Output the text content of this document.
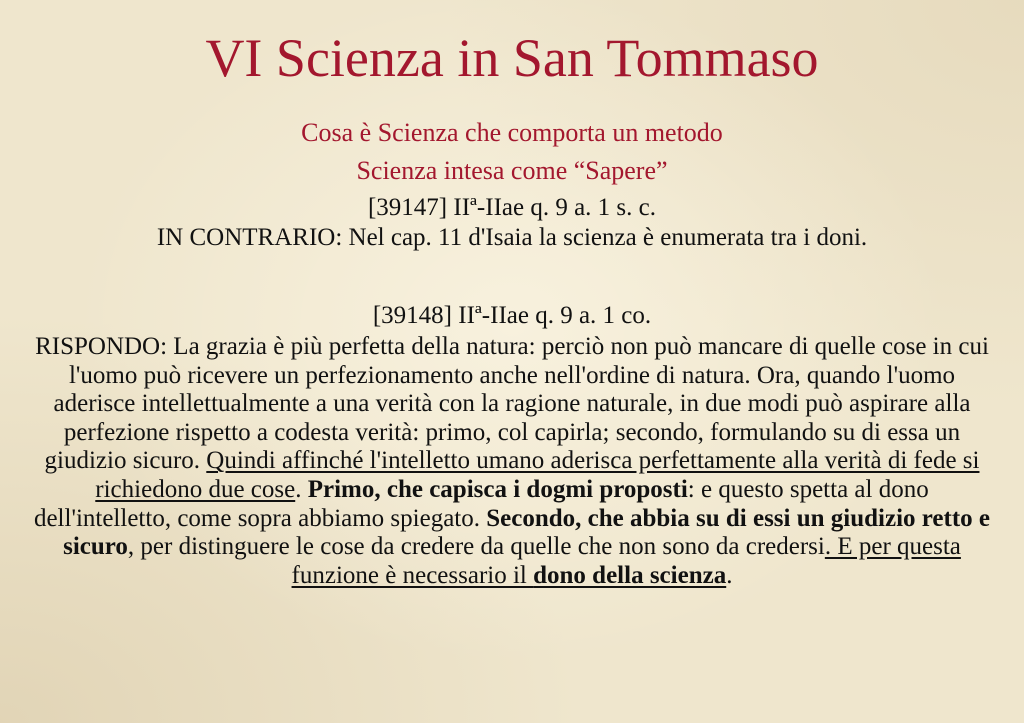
VI Scienza in San Tommaso
Cosa è Scienza che comporta un metodo
Scienza intesa come “Sapere”
[39147] IIª-IIae q. 9 a. 1 s. c.
IN CONTRARIO: Nel cap. 11 d'Isaia la scienza è enumerata tra i doni.
[39148] IIª-IIae q. 9 a. 1 co.
RISPONDO: La grazia è più perfetta della natura: perciò non può mancare di quelle cose in cui l'uomo può ricevere un perfezionamento anche nell'ordine di natura. Ora, quando l'uomo aderisce intellettualmente a una verità con la ragione naturale, in due modi può aspirare alla perfezione rispetto a codesta verità: primo, col capirla; secondo, formulando su di essa un giudizio sicuro. Quindi affinché l'intelletto umano aderisca perfettamente alla verità di fede si richiedono due cose. Primo, che capisca i dogmi proposti: e questo spetta al dono dell'intelletto, come sopra abbiamo spiegato. Secondo, che abbia su di essi un giudizio retto e sicuro, per distinguere le cose da credere da quelle che non sono da credersi. E per questa funzione è necessario il dono della scienza.
